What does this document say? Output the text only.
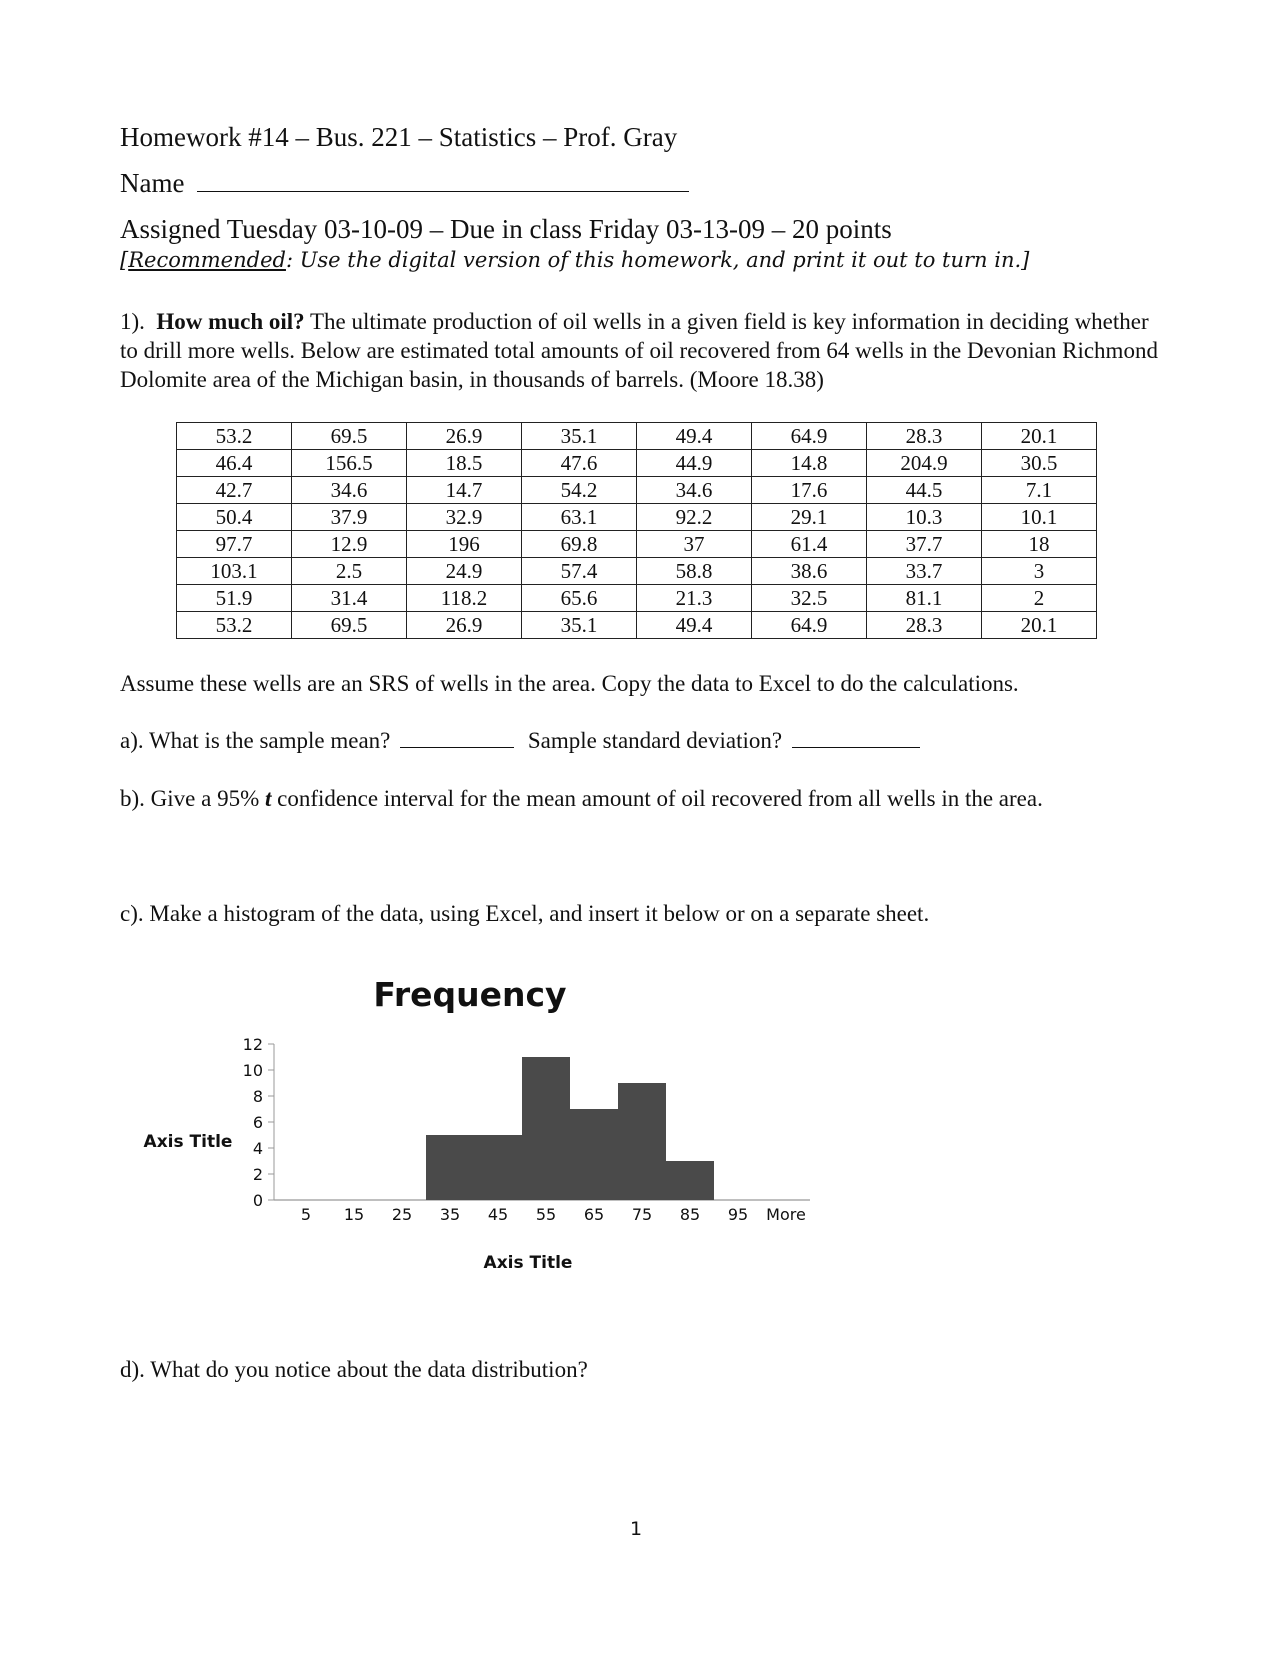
Homework #14 – Bus. 221 – Statistics – Prof. Gray
Name
Assigned Tuesday 03-10-09 – Due in class Friday 03-13-09 – 20 points
[Recommended: Use the digital version of this homework, and print it out to turn in.]
1). How much oil? The ultimate production of oil wells in a given field is key information in deciding whether to drill more wells. Below are estimated total amounts of oil recovered from 64 wells in the Devonian Richmond Dolomite area of the Michigan basin, in thousands of barrels. (Moore 18.38)
53.2	69.5	26.9	35.1	49.4	64.9	28.3	20.1
46.4	156.5	18.5	47.6	44.9	14.8	204.9	30.5
42.7	34.6	14.7	54.2	34.6	17.6	44.5	7.1
50.4	37.9	32.9	63.1	92.2	29.1	10.3	10.1
97.7	12.9	196	69.8	37	61.4	37.7	18
103.1	2.5	24.9	57.4	58.8	38.6	33.7	3
51.9	31.4	118.2	65.6	21.3	32.5	81.1	2
53.2	69.5	26.9	35.1	49.4	64.9	28.3	20.1
Assume these wells are an SRS of wells in the area. Copy the data to Excel to do the calculations.
a). What is the sample mean?	Sample standard deviation?
b). Give a 95% t confidence interval for the mean amount of oil recovered from all wells in the area.
c). Make a histogram of the data, using Excel, and insert it below or on a separate sheet.
Frequency
Axis Title
Axis Title
0
2
4
6
8
10
12
5 15 25 35 45 55 65 75 85 95 More
d). What do you notice about the data distribution?
1
